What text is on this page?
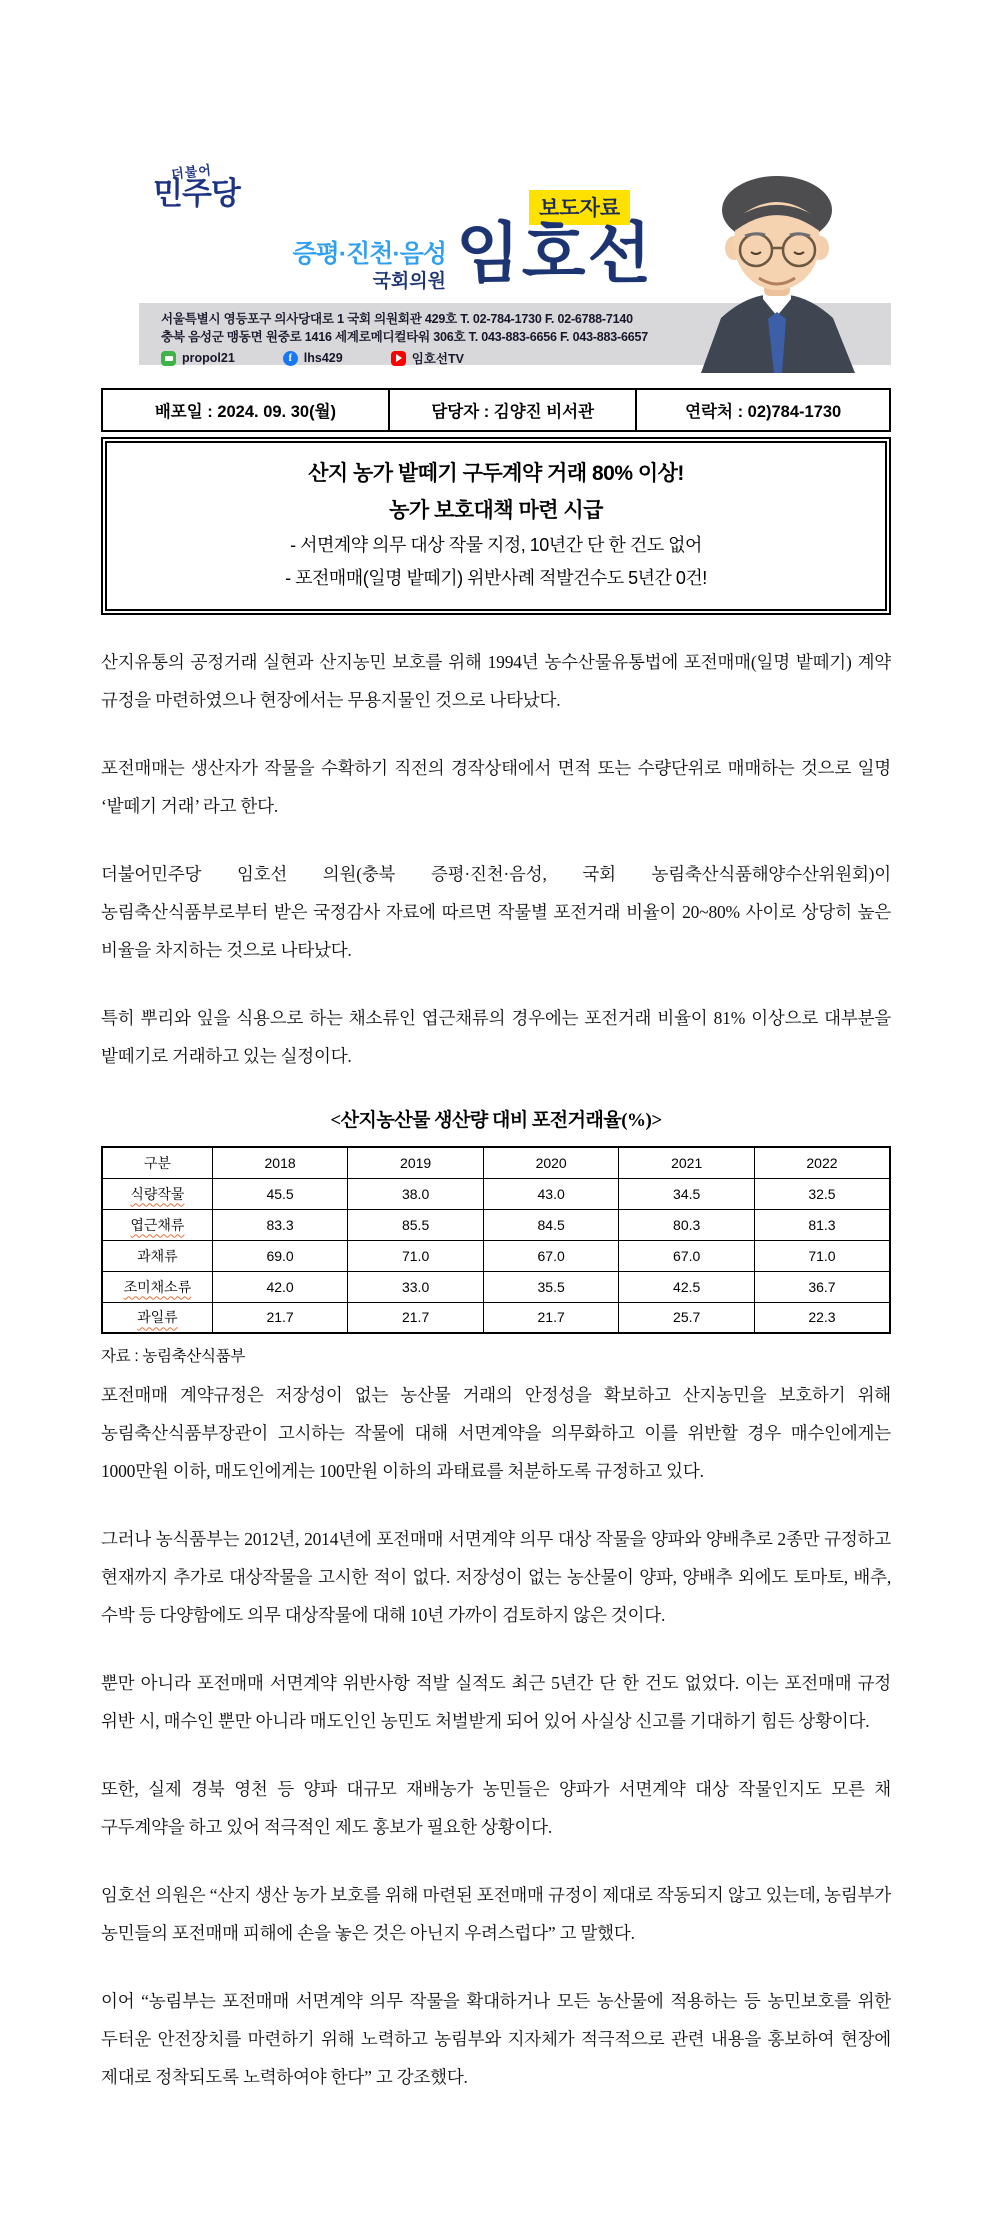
더불어
민주당	보도자료
증평·진천·음성
국회의원 임호선
서울특별시 영등포구 의사당대로 1 국회 의원회관 429호 T. 02-784-1730 F. 02-6788-7140
충북 음성군 맹동면 원중로 1416 세계로메디컬타워 306호 T. 043-883-6656 F. 043-883-6657
propol21	f lhs429	임호선TV
배포일 : 2024. 09. 30(월)	담당자 : 김양진 비서관	연락처 : 02)784-1730
산지 농가 밭떼기 구두계약 거래 80% 이상!
농가 보호대책 마련 시급
- 서면계약 의무 대상 작물 지정, 10년간 단 한 건도 없어
- 포전매매(일명 밭떼기) 위반사례 적발건수도 5년간 0건!

산지유통의 공정거래 실현과 산지농민 보호를 위해 1994년 농수산물유통법에 포전매매(일명 밭떼기) 계약 규정을 마련하였으나 현장에서는 무용지물인 것으로 나타났다.

포전매매는 생산자가 작물을 수확하기 직전의 경작상태에서 면적 또는 수량단위로 매매하는 것으로 일명 ‘밭떼기 거래’ 라고 한다.

더불어민주당 임호선 의원(충북 증평·진천·음성, 국회 농림축산식품해양수산위원회)이 농림축산식품부로부터 받은 국정감사 자료에 따르면 작물별 포전거래 비율이 20~80% 사이로 상당히 높은 비율을 차지하는 것으로 나타났다.

특히 뿌리와 잎을 식용으로 하는 채소류인 엽근채류의 경우에는 포전거래 비율이 81% 이상으로 대부분을 밭떼기로 거래하고 있는 실정이다.

<산지농산물 생산량 대비 포전거래율(%)>
구분	2018	2019	2020	2021	2022
식량작물	45.5	38.0	43.0	34.5	32.5
엽근채류	83.3	85.5	84.5	80.3	81.3
과채류	69.0	71.0	67.0	67.0	71.0
조미채소류	42.0	33.0	35.5	42.5	36.7
과일류	21.7	21.7	21.7	25.7	22.3
자료 : 농림축산식품부

포전매매 계약규정은 저장성이 없는 농산물 거래의 안정성을 확보하고 산지농민을 보호하기 위해 농림축산식품부장관이 고시하는 작물에 대해 서면계약을 의무화하고 이를 위반할 경우 매수인에게는 1000만원 이하, 매도인에게는 100만원 이하의 과태료를 처분하도록 규정하고 있다.

그러나 농식품부는 2012년, 2014년에 포전매매 서면계약 의무 대상 작물을 양파와 양배추로 2종만 규정하고 현재까지 추가로 대상작물을 고시한 적이 없다. 저장성이 없는 농산물이 양파, 양배추 외에도 토마토, 배추, 수박 등 다양함에도 의무 대상작물에 대해 10년 가까이 검토하지 않은 것이다.

뿐만 아니라 포전매매 서면계약 위반사항 적발 실적도 최근 5년간 단 한 건도 없었다. 이는 포전매매 규정 위반 시, 매수인 뿐만 아니라 매도인인 농민도 처벌받게 되어 있어 사실상 신고를 기대하기 힘든 상황이다.

또한, 실제 경북 영천 등 양파 대규모 재배농가 농민들은 양파가 서면계약 대상 작물인지도 모른 채 구두계약을 하고 있어 적극적인 제도 홍보가 필요한 상황이다.

임호선 의원은 “산지 생산 농가 보호를 위해 마련된 포전매매 규정이 제대로 작동되지 않고 있는데, 농림부가 농민들의 포전매매 피해에 손을 놓은 것은 아닌지 우려스럽다” 고 말했다.

이어 “농림부는 포전매매 서면계약 의무 작물을 확대하거나 모든 농산물에 적용하는 등 농민보호를 위한 두터운 안전장치를 마련하기 위해 노력하고 농림부와 지자체가 적극적으로 관련 내용을 홍보하여 현장에 제대로 정착되도록 노력하여야 한다” 고 강조했다.
